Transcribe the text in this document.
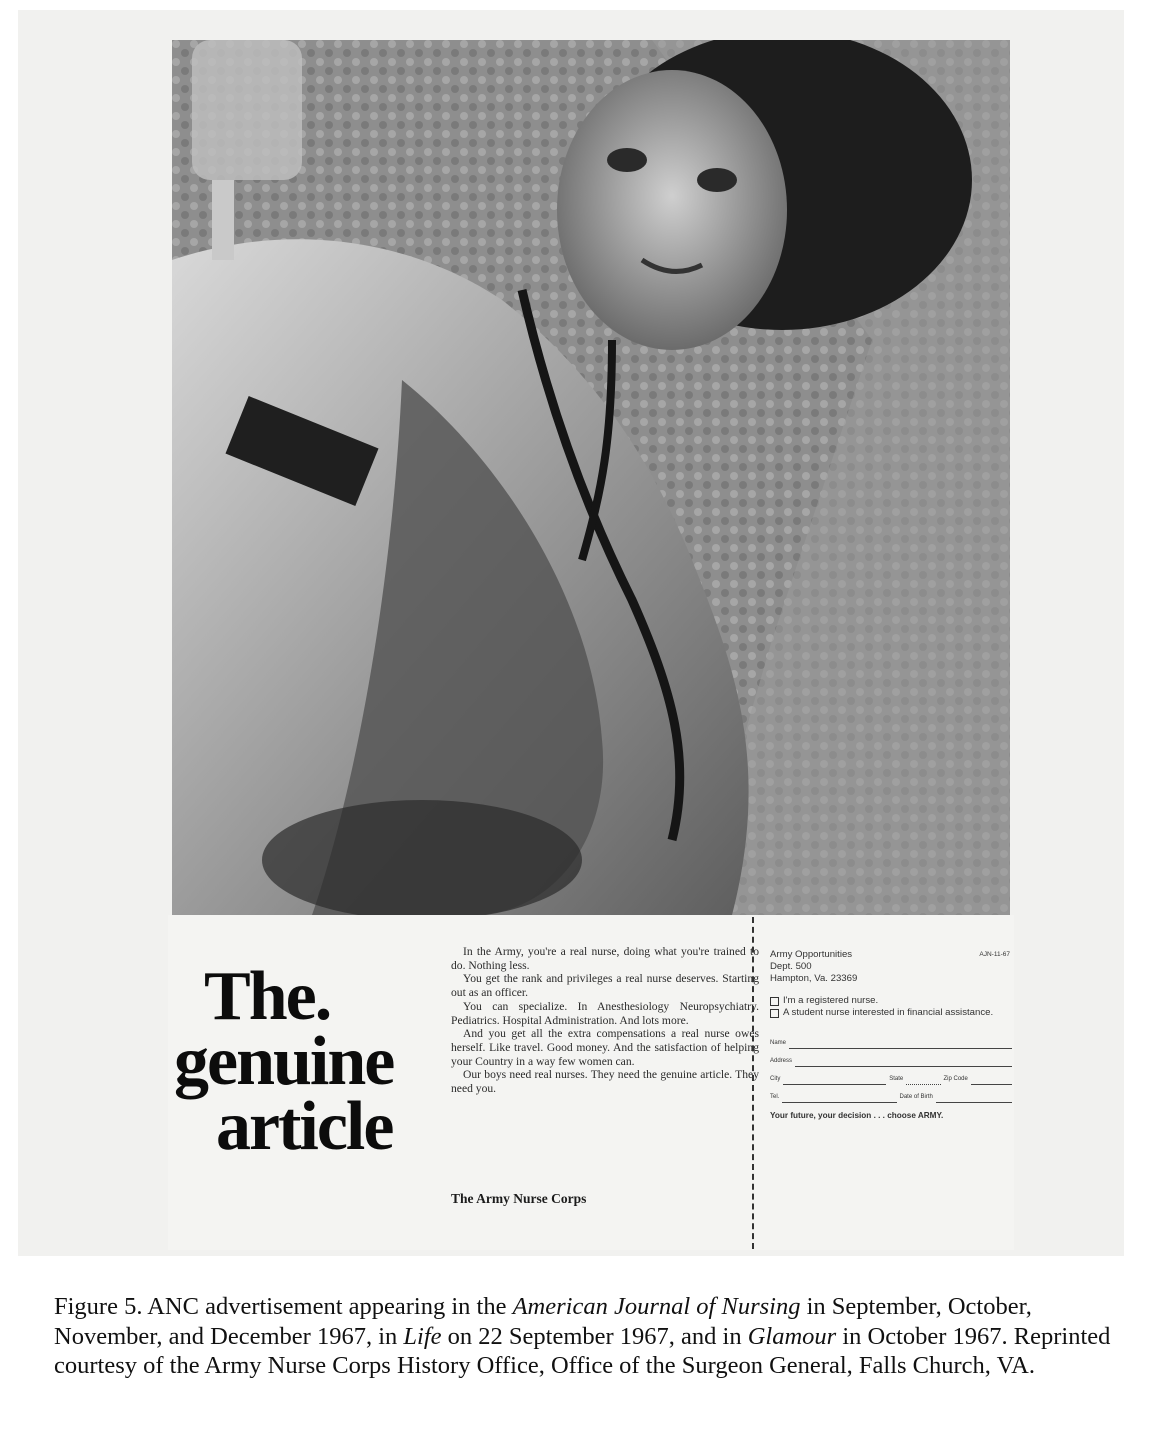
The.
genuine
article

In the Army, you're a real nurse, doing what you're trained to do. Nothing less.

You get the rank and privileges a real nurse deserves. Starting out as an officer.

You can specialize. In Anesthesiology Neuropsychiatry. Pediatrics. Hospital Administration. And lots more.

And you get all the extra compensations a real nurse owes herself. Like travel. Good money. And the satisfaction of helping your Country in a way few women can.

Our boys need real nurses. They need the genuine article. They need you.

The Army Nurse Corps
AJN-11-67
Army Opportunities
Dept. 500
Hampton, Va. 23369
I'm a registered nurse.
A student nurse interested in financial assistance.
Name
Address
City	State	Zip Code
Tel.	Date of Birth
Your future, your decision . . . choose ARMY.
Figure 5. ANC advertisement appearing in the American Journal of Nursing in September, October, November, and December 1967, in Life on 22 September 1967, and in Glamour in October 1967. Reprinted courtesy of the Army Nurse Corps History Office, Office of the Surgeon General, Falls Church, VA.
